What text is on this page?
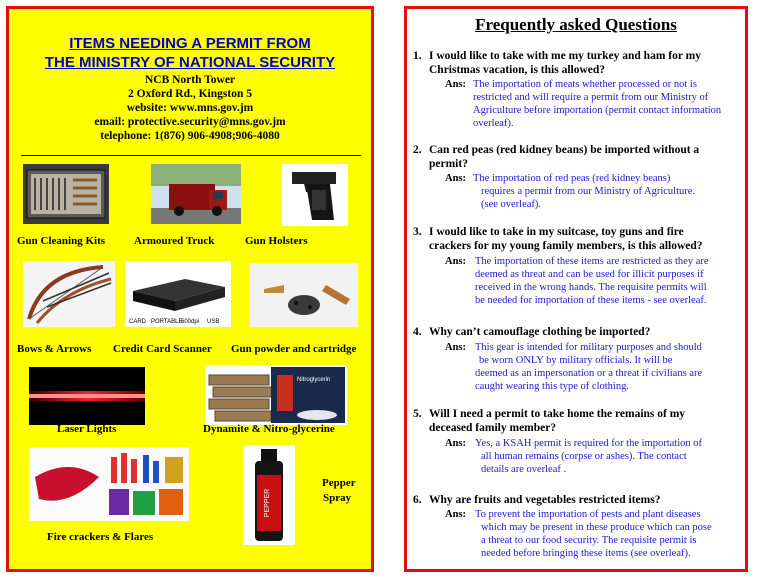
ITEMS NEEDING A PERMIT FROM
THE MINISTRY OF NATIONAL SECURITY
NCB North Tower
2 Oxford Rd., Kingston 5
website: www.mns.gov.jm
email: protective.security@mns.gov.jm
telephone: 1(876) 906-4908;906-4080
Gun Cleaning Kits	Armoured Truck	Gun Holsters
CARD PORTABLE
600dpi USB
Bows & Arrows Credit Card Scanner Gun powder and cartridge
Nitroglycerin
Laser Lights	Dynamite & Nitro-glycerine
PEPPER
Pepper
Spray
Fire crackers & Flares
Frequently asked Questions
1. I would like to take with me my turkey and ham for my
Christmas vacation, is this allowed?
Ans: The importation of meats whether processed or not is
restricted and will require a permit from our Ministry of
Agriculture before importation (permit contact information
overleaf).
2. Can red peas (red kidney beans) be imported without a
permit?
Ans: The importation of red peas (red kidney beans)
requires a permit from our Ministry of Agriculture.
(see overleaf).
3. I would like to take in my suitcase, toy guns and fire
crackers for my young family members, is this allowed?
Ans: The importation of these items are restricted as they are
deemed as threat and can be used for illicit purposes if
received in the wrong hands. The requisite permits will
be needed for importation of these items - see overleaf.
4. Why can’t camouflage clothing be imported?
Ans: This gear is intended for military purposes and should
be worn ONLY by military officials. It will be
deemed as an impersonation or a threat if civilians are
caught wearing this type of clothing.
5. Will I need a permit to take home the remains of my
deceased family member?
Ans: Yes, a KSAH permit is required for the importation of
all human remains (corpse or ashes). The contact
details are overleaf .
6. Why are fruits and vegetables restricted items?
Ans: To prevent the importation of pests and plant diseases
which may be present in these produce which can pose
a threat to our food security. The requisite permit is
needed before bringing these items (see overleaf).
